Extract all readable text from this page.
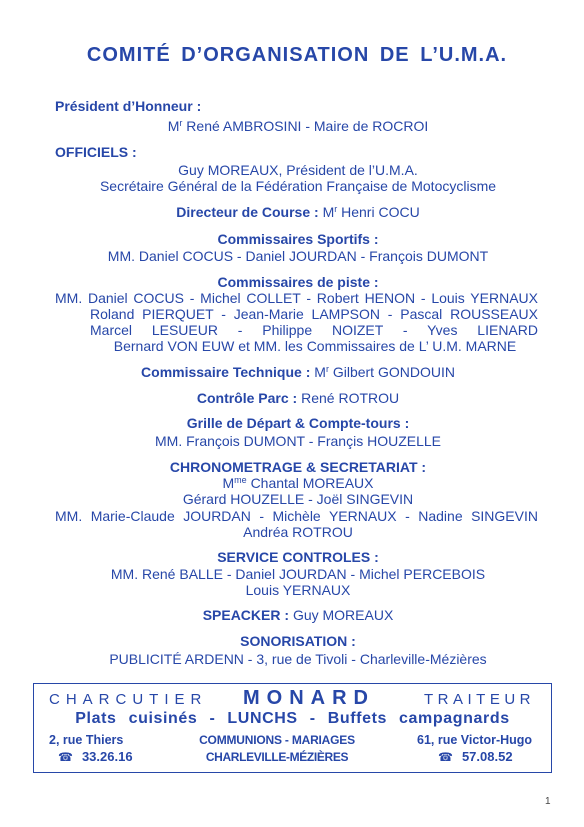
COMITÉ D’ORGANISATION DE L’U.M.A.
Président d’Honneur :
$M^r$ René AMBROSINI - Maire de ROCROI
OFFICIELS :
Guy MOREAUX, Président de l’U.M.A.
Secrétaire Général de la Fédération Française de Motocyclisme
Directeur de Course : $M^r$ Henri COCU
Commissaires Sportifs :
MM. Daniel COCUS - Daniel JOURDAN - François DUMONT
Commissaires de piste :
MM. Daniel COCUS - Michel COLLET - Robert HENON - Louis YERNAUX
Roland PIERQUET - Jean-Marie LAMPSON - Pascal ROUSSEAUX
Marcel LESUEUR - Philippe NOIZET - Yves LIENARD
Bernard VON EUW et MM. les Commissaires de L’ U.M. MARNE
Commissaire Technique : $M^r$ Gilbert GONDOUIN
Contrôle Parc : René ROTROU
Grille de Départ & Compte-tours :
MM. François DUMONT - Françis HOUZELLE
CHRONOMETRAGE & SECRETARIAT :
$M^{me}$ Chantal MOREAUX
Gérard HOUZELLE - Joël SINGEVIN
MM. Marie-Claude JOURDAN - Michèle YERNAUX - Nadine SINGEVIN
Andréa ROTROU
SERVICE CONTROLES :
MM. René BALLE - Daniel JOURDAN - Michel PERCEBOIS
Louis YERNAUX
SPEACKER : Guy MOREAUX
SONORISATION :
PUBLICITÉ ARDENN - 3, rue de Tivoli - Charleville-Mézières
CHARCUTIER MONARD	TRAITEUR
Plats cuisinés - LUNCHS - Buffets campagnards
2, rue Thiers
☎ 33.26.16
COMMUNIONS - MARIAGES
CHARLEVILLE-MÉZIÈRES
61, rue Victor-Hugo
☎ 57.08.52
1
